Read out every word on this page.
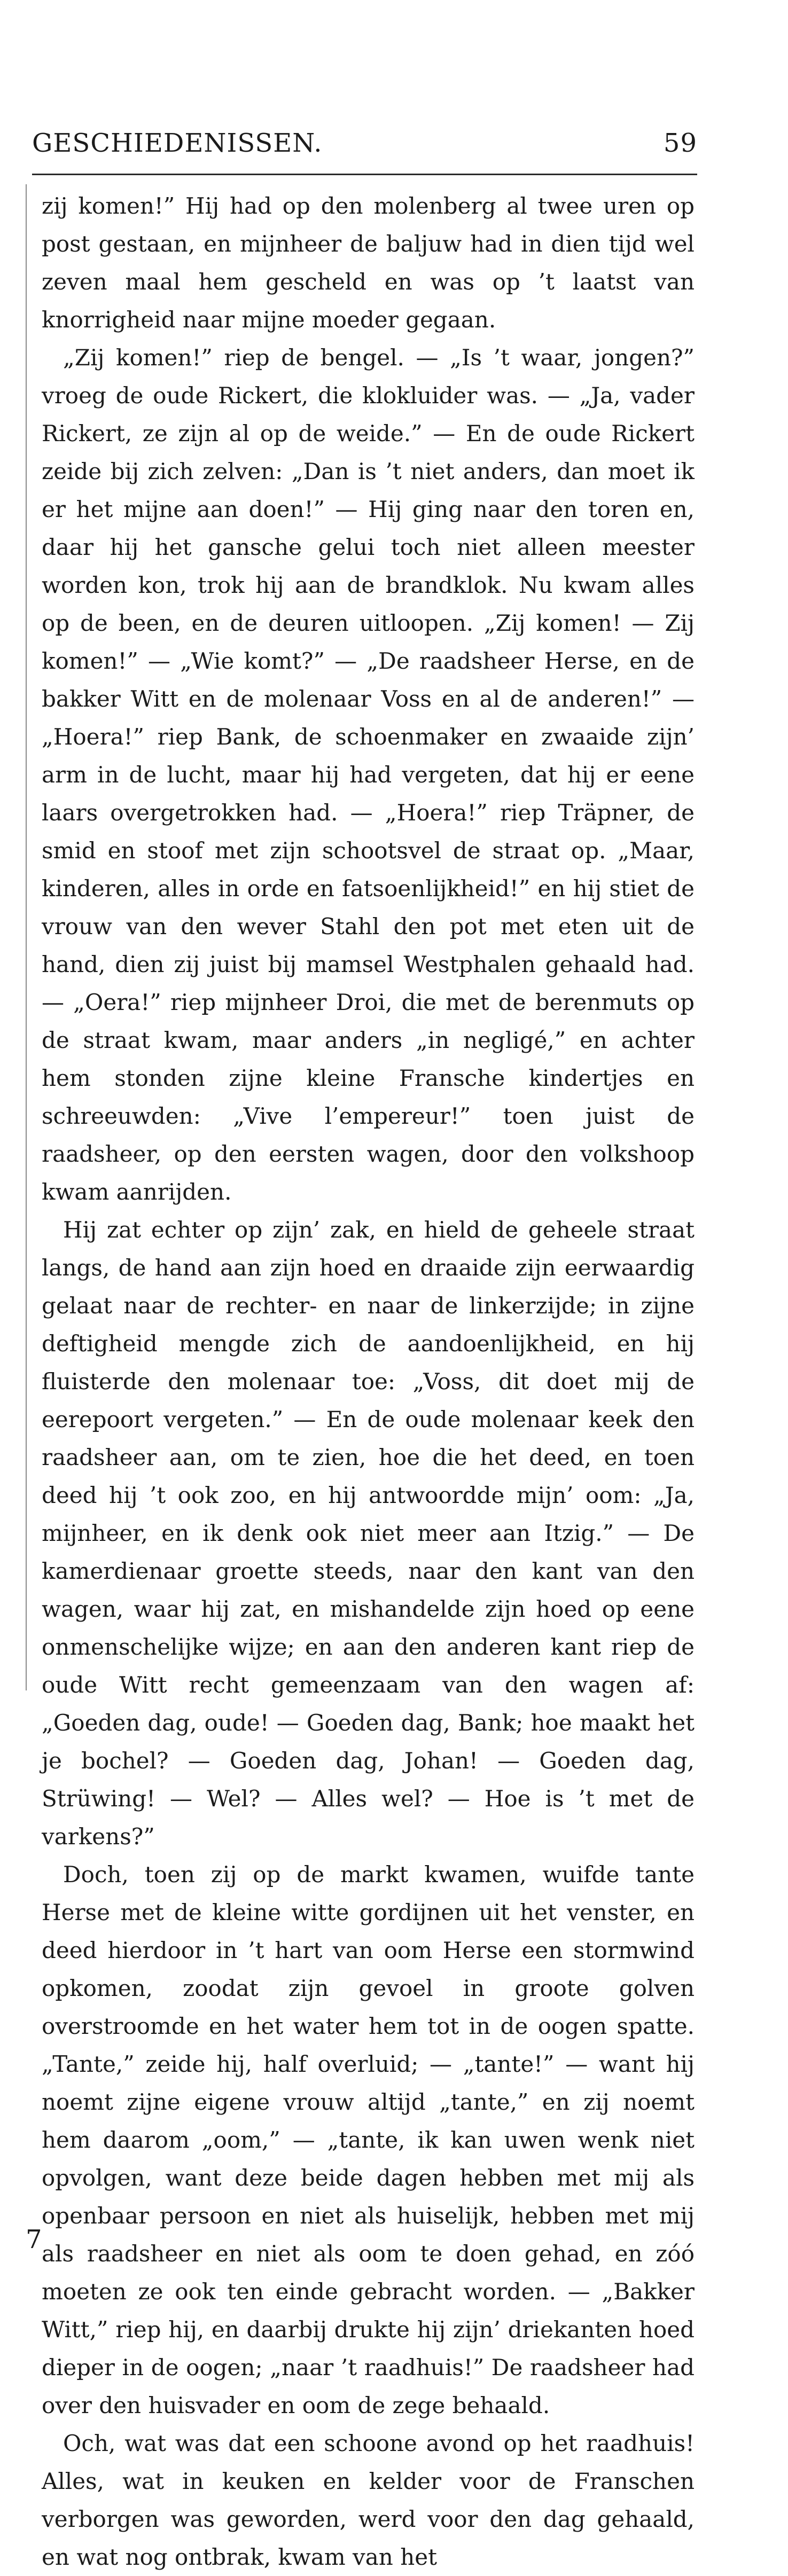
GESCHIEDENISSEN.	59

zij komen!” Hij had op den molenberg al twee uren op post gestaan, en mijnheer de baljuw had in dien tijd wel zeven maal hem gescheld en was op ’t laatst van knorrigheid naar mijne moeder gegaan.

„Zij komen!” riep de bengel. — „Is ’t waar, jongen?” vroeg de oude Rickert, die klokluider was. — „Ja, vader Rickert, ze zijn al op de weide.” — En de oude Rickert zeide bij zich zelven: „Dan is ’t niet anders, dan moet ik er het mijne aan doen!” — Hij ging naar den toren en, daar hij het gansche gelui toch niet alleen meester worden kon, trok hij aan de brandklok. Nu kwam alles op de been, en de deuren uitloopen. „Zij komen! — Zij komen!” — „Wie komt?” — „De raadsheer Herse, en de bakker Witt en de molenaar Voss en al de anderen!” — „Hoera!” riep Bank, de schoenmaker en zwaaide zijn’ arm in de lucht, maar hij had vergeten, dat hij er eene laars overgetrokken had. — „Hoera!” riep Träpner, de smid en stoof met zijn schootsvel de straat op. „Maar, kinderen, alles in orde en fatsoenlijkheid!” en hij stiet de vrouw van den wever Stahl den pot met eten uit de hand, dien zij juist bij mamsel Westphalen gehaald had. — „Oera!” riep mijnheer Droi, die met de berenmuts op de straat kwam, maar anders „in negligé,” en achter hem stonden zijne kleine Fransche kindertjes en schreeuwden: „Vive l’empereur!” toen juist de raadsheer, op den eersten wagen, door den volkshoop kwam aanrijden.

Hij zat echter op zijn’ zak, en hield de geheele straat langs, de hand aan zijn hoed en draaide zijn eerwaardig gelaat naar de rechter- en naar de linkerzijde; in zijne deftigheid mengde zich de aandoenlijkheid, en hij fluisterde den molenaar toe: „Voss, dit doet mij de eerepoort vergeten.” — En de oude molenaar keek den raadsheer aan, om te zien, hoe die het deed, en toen deed hij ’t ook zoo, en hij antwoordde mijn’ oom: „Ja, mijnheer, en ik denk ook niet meer aan Itzig.” — De kamerdienaar groette steeds, naar den kant van den wagen, waar hij zat, en mishandelde zijn hoed op eene onmenschelijke wijze; en aan den anderen kant riep de oude Witt recht gemeenzaam van den wagen af: „Goeden dag, oude! — Goeden dag, Bank; hoe maakt het je bochel? — Goeden dag, Johan! — Goeden dag, Strüwing! — Wel? — Alles wel? — Hoe is ’t met de varkens?”

Doch, toen zij op de markt kwamen, wuifde tante Herse met de kleine witte gordijnen uit het venster, en deed hierdoor in ’t hart van oom Herse een stormwind opkomen, zoodat zijn gevoel in groote golven overstroomde en het water hem tot in de oogen spatte. „Tante,” zeide hij, half overluid; — „tante!” — want hij noemt zijne eigene vrouw altijd „tante,” en zij noemt hem daarom „oom,” — „tante, ik kan uwen wenk niet opvolgen, want deze beide dagen hebben met mij als openbaar persoon en niet als huiselijk, hebben met mij als raadsheer en niet als oom te doen gehad, en zóó moeten ze ook ten einde gebracht worden. — „Bakker Witt,” riep hij, en daarbij drukte hij zijn’ driekanten hoed dieper in de oogen; „naar ’t raadhuis!” De raadsheer had over den huisvader en oom de zege behaald.

Och, wat was dat een schoone avond op het raadhuis! Alles, wat in keuken en kelder voor de Franschen verborgen was geworden, werd voor den dag gehaald, en wat nog ontbrak, kwam van het

7
